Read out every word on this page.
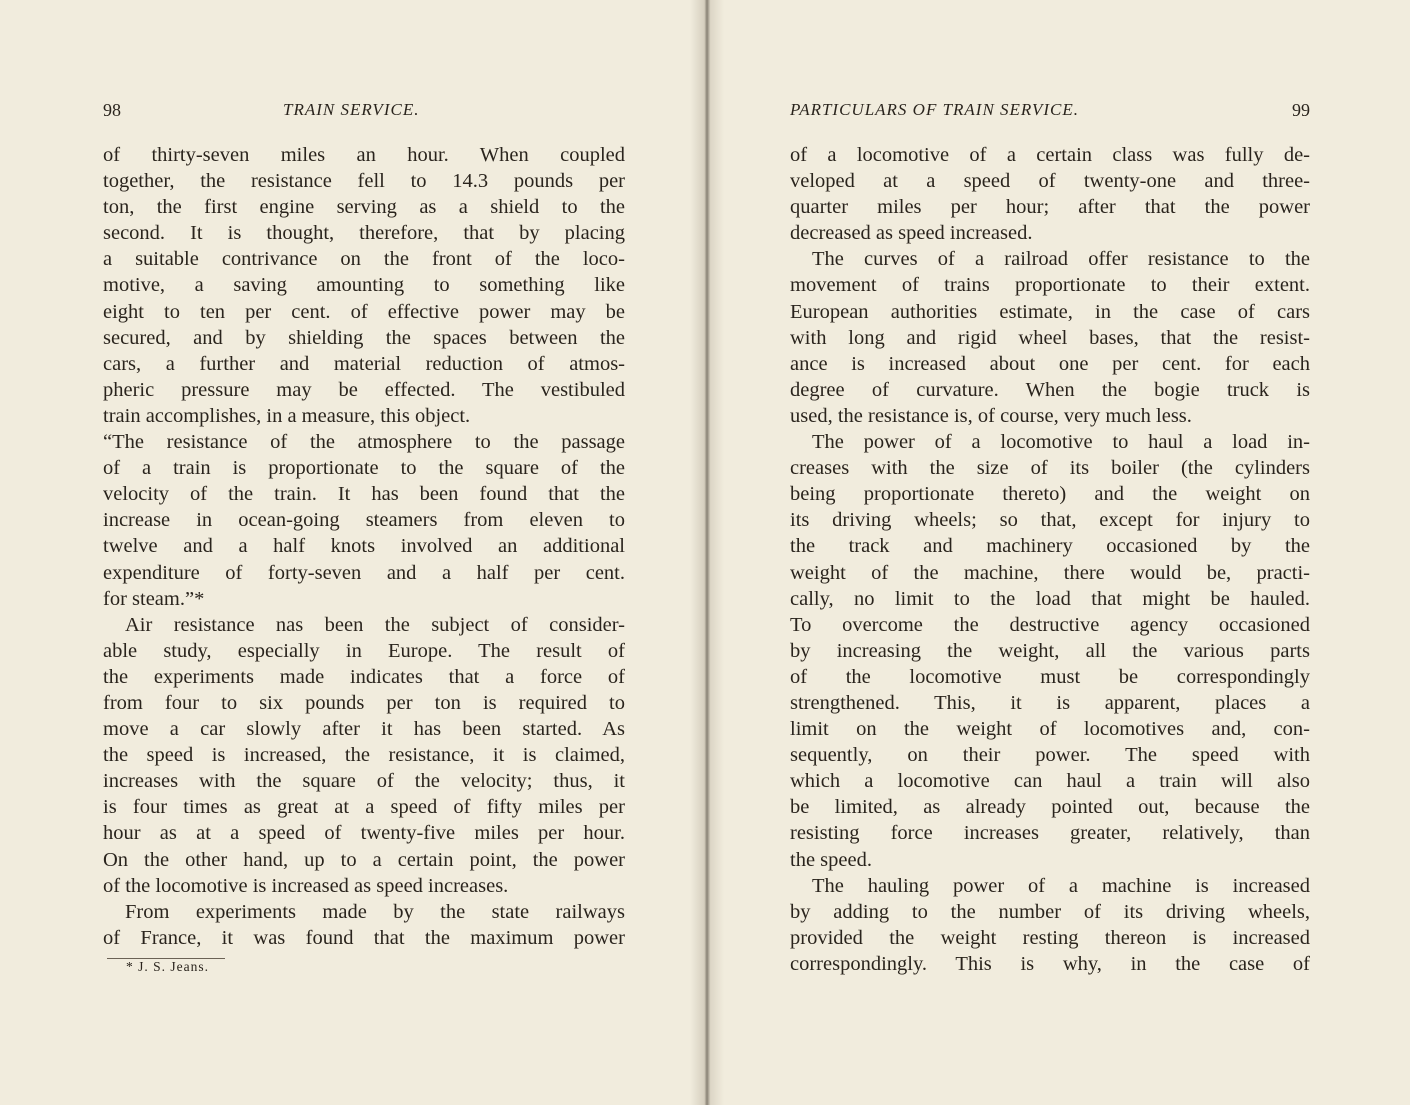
98	TRAIN SERVICE.
of thirty-seven miles an hour. When coupled
together, the resistance fell to 14.3 pounds per
ton, the first engine serving as a shield to the
second. It is thought, therefore, that by placing
a suitable contrivance on the front of the loco-
motive, a saving amounting to something like
eight to ten per cent. of effective power may be
secured, and by shielding the spaces between the
cars, a further and material reduction of atmos-
pheric pressure may be effected. The vestibuled
train accomplishes, in a measure, this object.
“The resistance of the atmosphere to the passage
of a train is proportionate to the square of the
velocity of the train. It has been found that the
increase in ocean-going steamers from eleven to
twelve and a half knots involved an additional
expenditure of forty-seven and a half per cent.
for steam.”*
Air resistance nas been the subject of consider-
able study, especially in Europe. The result of
the experiments made indicates that a force of
from four to six pounds per ton is required to
move a car slowly after it has been started. As
the speed is increased, the resistance, it is claimed,
increases with the square of the velocity; thus, it
is four times as great at a speed of fifty miles per
hour as at a speed of twenty-five miles per hour.
On the other hand, up to a certain point, the power
of the locomotive is increased as speed increases.
From experiments made by the state railways
of France, it was found that the maximum power
* J. S. Jeans.
PARTICULARS OF TRAIN SERVICE.	99
of a locomotive of a certain class was fully de-
veloped at a speed of twenty-one and three-
quarter miles per hour; after that the power
decreased as speed increased.
The curves of a railroad offer resistance to the
movement of trains proportionate to their extent.
European authorities estimate, in the case of cars
with long and rigid wheel bases, that the resist-
ance is increased about one per cent. for each
degree of curvature. When the bogie truck is
used, the resistance is, of course, very much less.
The power of a locomotive to haul a load in-
creases with the size of its boiler (the cylinders
being proportionate thereto) and the weight on
its driving wheels; so that, except for injury to
the track and machinery occasioned by the
weight of the machine, there would be, practi-
cally, no limit to the load that might be hauled.
To overcome the destructive agency occasioned
by increasing the weight, all the various parts
of the locomotive must be correspondingly
strengthened. This, it is apparent, places a
limit on the weight of locomotives and, con-
sequently, on their power. The speed with
which a locomotive can haul a train will also
be limited, as already pointed out, because the
resisting force increases greater, relatively, than
the speed.
The hauling power of a machine is increased
by adding to the number of its driving wheels,
provided the weight resting thereon is increased
correspondingly. This is why, in the case of
